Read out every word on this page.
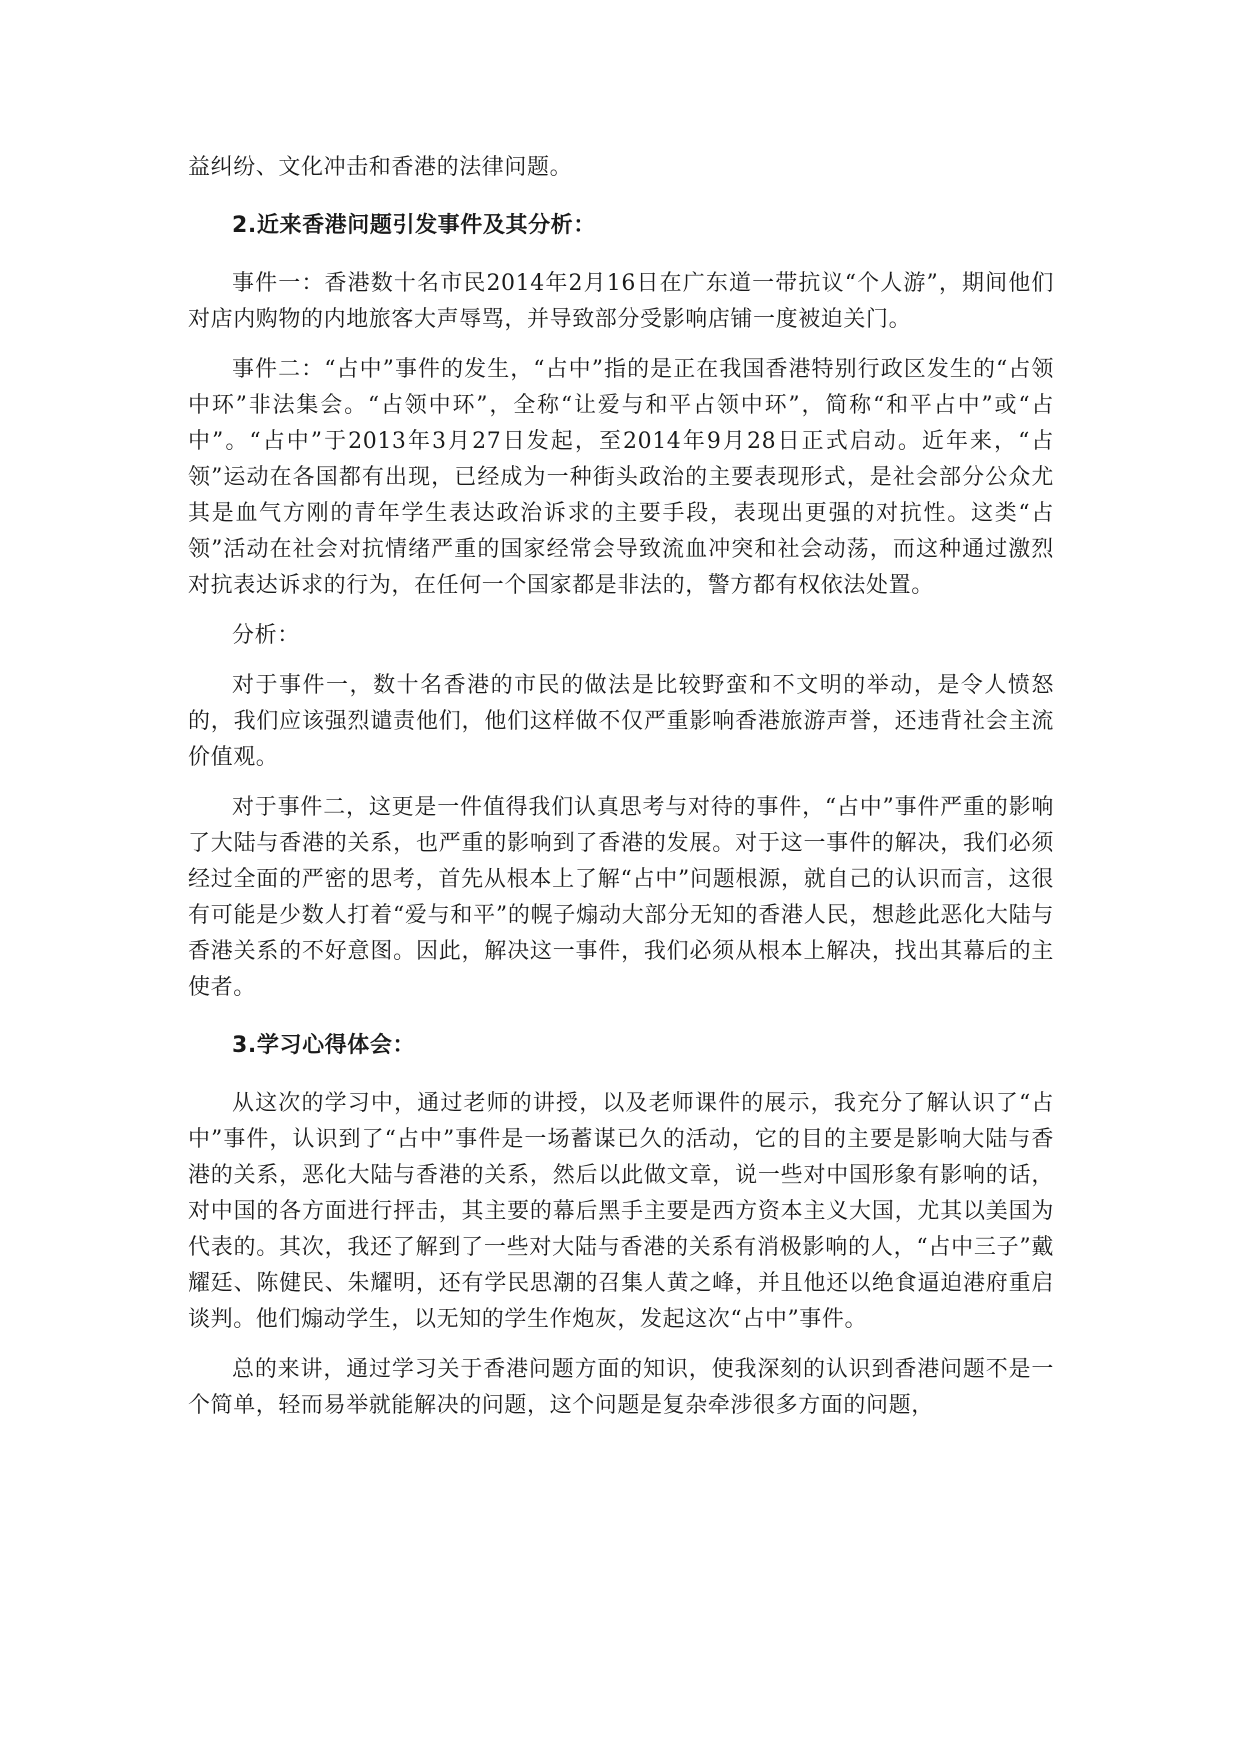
益纠纷、文化冲击和香港的法律问题。

2.近来香港问题引发事件及其分析：

事件一：香港数十名市民2014年2月16日在广东道一带抗议“个人游”，期间他们对店内购物的内地旅客大声辱骂，并导致部分受影响店铺一度被迫关门。

事件二：“占中”事件的发生，“占中”指的是正在我国香港特别行政区发生的“占领中环”非法集会。“占领中环”，全称“让爱与和平占领中环”，简称“和平占中”或“占中”。“占中”于2013年3月27日发起，至2014年9月28日正式启动。近年来，“占领”运动在各国都有出现，已经成为一种街头政治的主要表现形式，是社会部分公众尤其是血气方刚的青年学生表达政治诉求的主要手段，表现出更强的对抗性。这类“占领”活动在社会对抗情绪严重的国家经常会导致流血冲突和社会动荡，而这种通过激烈对抗表达诉求的行为，在任何一个国家都是非法的，警方都有权依法处置。

分析：

对于事件一，数十名香港的市民的做法是比较野蛮和不文明的举动，是令人愤怒的，我们应该强烈谴责他们，他们这样做不仅严重影响香港旅游声誉，还违背社会主流价值观。

对于事件二，这更是一件值得我们认真思考与对待的事件，“占中”事件严重的影响了大陆与香港的关系，也严重的影响到了香港的发展。对于这一事件的解决，我们必须经过全面的严密的思考，首先从根本上了解“占中”问题根源，就自己的认识而言，这很有可能是少数人打着“爱与和平”的幌子煽动大部分无知的香港人民，想趁此恶化大陆与香港关系的不好意图。因此，解决这一事件，我们必须从根本上解决，找出其幕后的主使者。

3.学习心得体会：

从这次的学习中，通过老师的讲授，以及老师课件的展示，我充分了解认识了“占中”事件，认识到了“占中”事件是一场蓄谋已久的活动，它的目的主要是影响大陆与香港的关系，恶化大陆与香港的关系，然后以此做文章，说一些对中国形象有影响的话，对中国的各方面进行抨击，其主要的幕后黑手主要是西方资本主义大国，尤其以美国为代表的。其次，我还了解到了一些对大陆与香港的关系有消极影响的人，“占中三子”戴耀廷、陈健民、朱耀明，还有学民思潮的召集人黄之峰，并且他还以绝食逼迫港府重启谈判。他们煽动学生，以无知的学生作炮灰，发起这次“占中”事件。

总的来讲，通过学习关于香港问题方面的知识，使我深刻的认识到香港问题不是一个简单，轻而易举就能解决的问题，这个问题是复杂牵涉很多方面的问题，
